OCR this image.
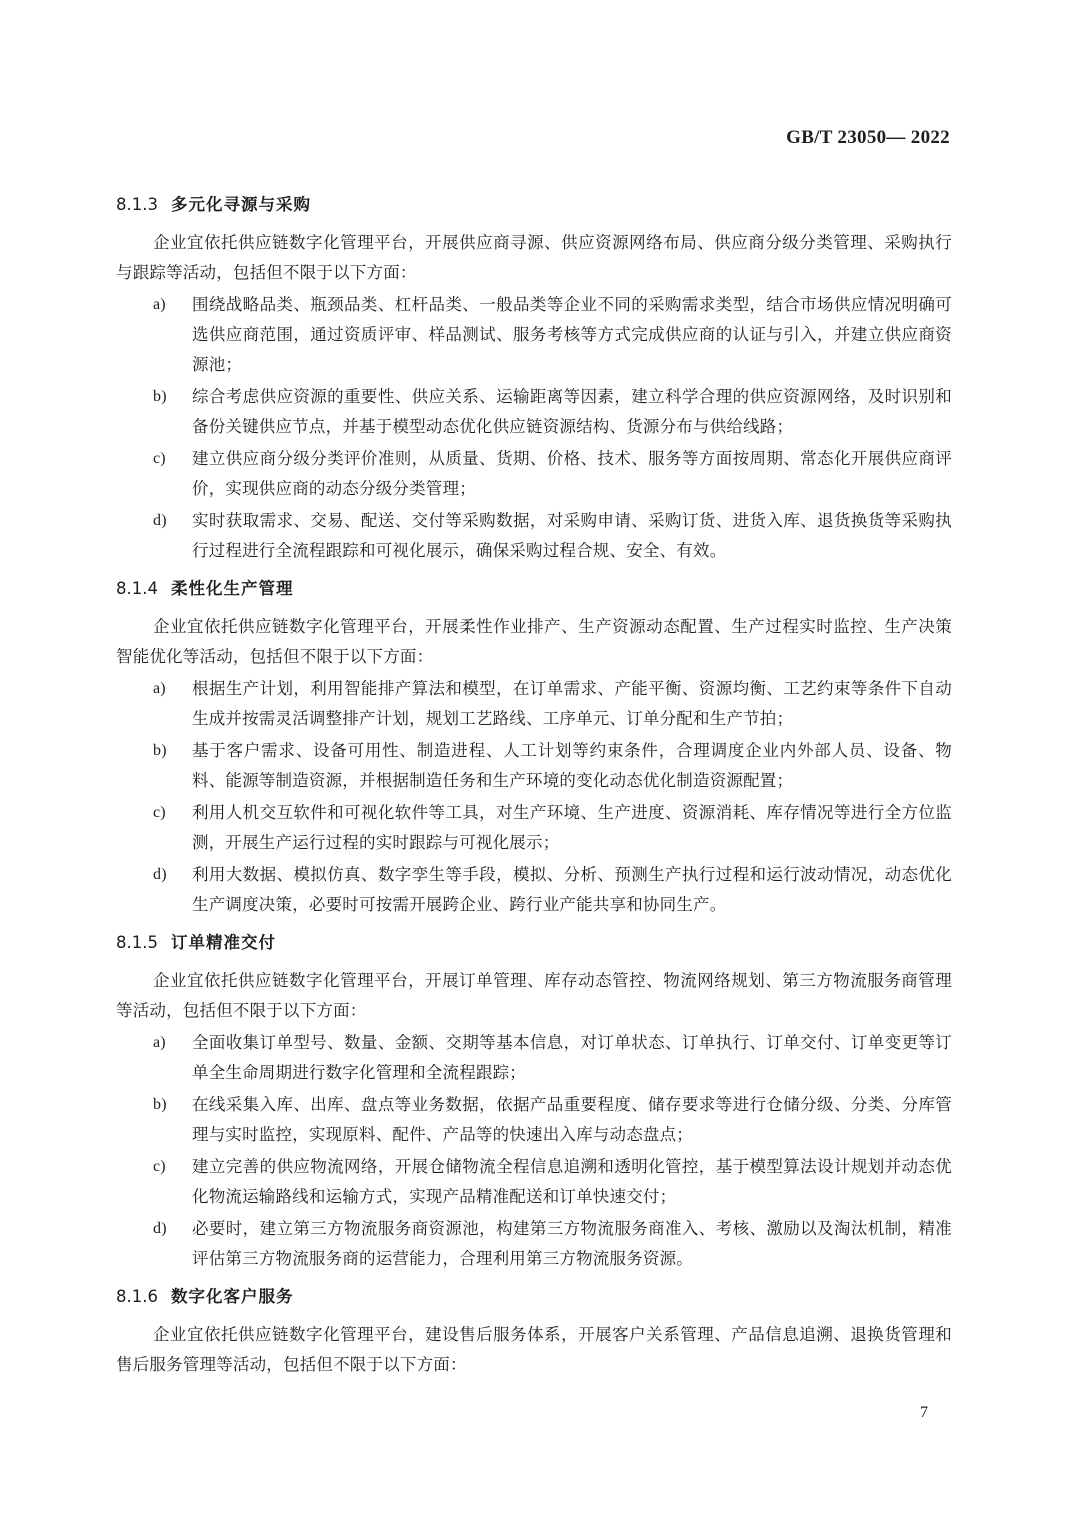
GB/T 23050— 2022
8.1.3 多元化寻源与采购
企业宜依托供应链数字化管理平台，开展供应商寻源、供应资源网络布局、供应商分级分类管理、采购执行与跟踪等活动，包括但不限于以下方面：
a) 围绕战略品类、瓶颈品类、杠杆品类、一般品类等企业不同的采购需求类型，结合市场供应情况明确可选供应商范围，通过资质评审、样品测试、服务考核等方式完成供应商的认证与引入，并建立供应商资源池；
b) 综合考虑供应资源的重要性、供应关系、运输距离等因素，建立科学合理的供应资源网络，及时识别和备份关键供应节点，并基于模型动态优化供应链资源结构、货源分布与供给线路；
c) 建立供应商分级分类评价准则，从质量、货期、价格、技术、服务等方面按周期、常态化开展供应商评价，实现供应商的动态分级分类管理；
d) 实时获取需求、交易、配送、交付等采购数据，对采购申请、采购订货、进货入库、退货换货等采购执行过程进行全流程跟踪和可视化展示，确保采购过程合规、安全、有效。
8.1.4 柔性化生产管理
企业宜依托供应链数字化管理平台，开展柔性作业排产、生产资源动态配置、生产过程实时监控、生产决策智能优化等活动，包括但不限于以下方面：
a) 根据生产计划，利用智能排产算法和模型，在订单需求、产能平衡、资源均衡、工艺约束等条件下自动生成并按需灵活调整排产计划，规划工艺路线、工序单元、订单分配和生产节拍；
b) 基于客户需求、设备可用性、制造进程、人工计划等约束条件，合理调度企业内外部人员、设备、物料、能源等制造资源，并根据制造任务和生产环境的变化动态优化制造资源配置；
c) 利用人机交互软件和可视化软件等工具，对生产环境、生产进度、资源消耗、库存情况等进行全方位监测，开展生产运行过程的实时跟踪与可视化展示；
d) 利用大数据、模拟仿真、数字孪生等手段，模拟、分析、预测生产执行过程和运行波动情况，动态优化生产调度决策，必要时可按需开展跨企业、跨行业产能共享和协同生产。
8.1.5 订单精准交付
企业宜依托供应链数字化管理平台，开展订单管理、库存动态管控、物流网络规划、第三方物流服务商管理等活动，包括但不限于以下方面：
a) 全面收集订单型号、数量、金额、交期等基本信息，对订单状态、订单执行、订单交付、订单变更等订单全生命周期进行数字化管理和全流程跟踪；
b) 在线采集入库、出库、盘点等业务数据，依据产品重要程度、储存要求等进行仓储分级、分类、分库管理与实时监控，实现原料、配件、产品等的快速出入库与动态盘点；
c) 建立完善的供应物流网络，开展仓储物流全程信息追溯和透明化管控，基于模型算法设计规划并动态优化物流运输路线和运输方式，实现产品精准配送和订单快速交付；
d) 必要时，建立第三方物流服务商资源池，构建第三方物流服务商准入、考核、激励以及淘汰机制，精准评估第三方物流服务商的运营能力，合理利用第三方物流服务资源。
8.1.6 数字化客户服务
企业宜依托供应链数字化管理平台，建设售后服务体系，开展客户关系管理、产品信息追溯、退换货管理和售后服务管理等活动，包括但不限于以下方面：
7
